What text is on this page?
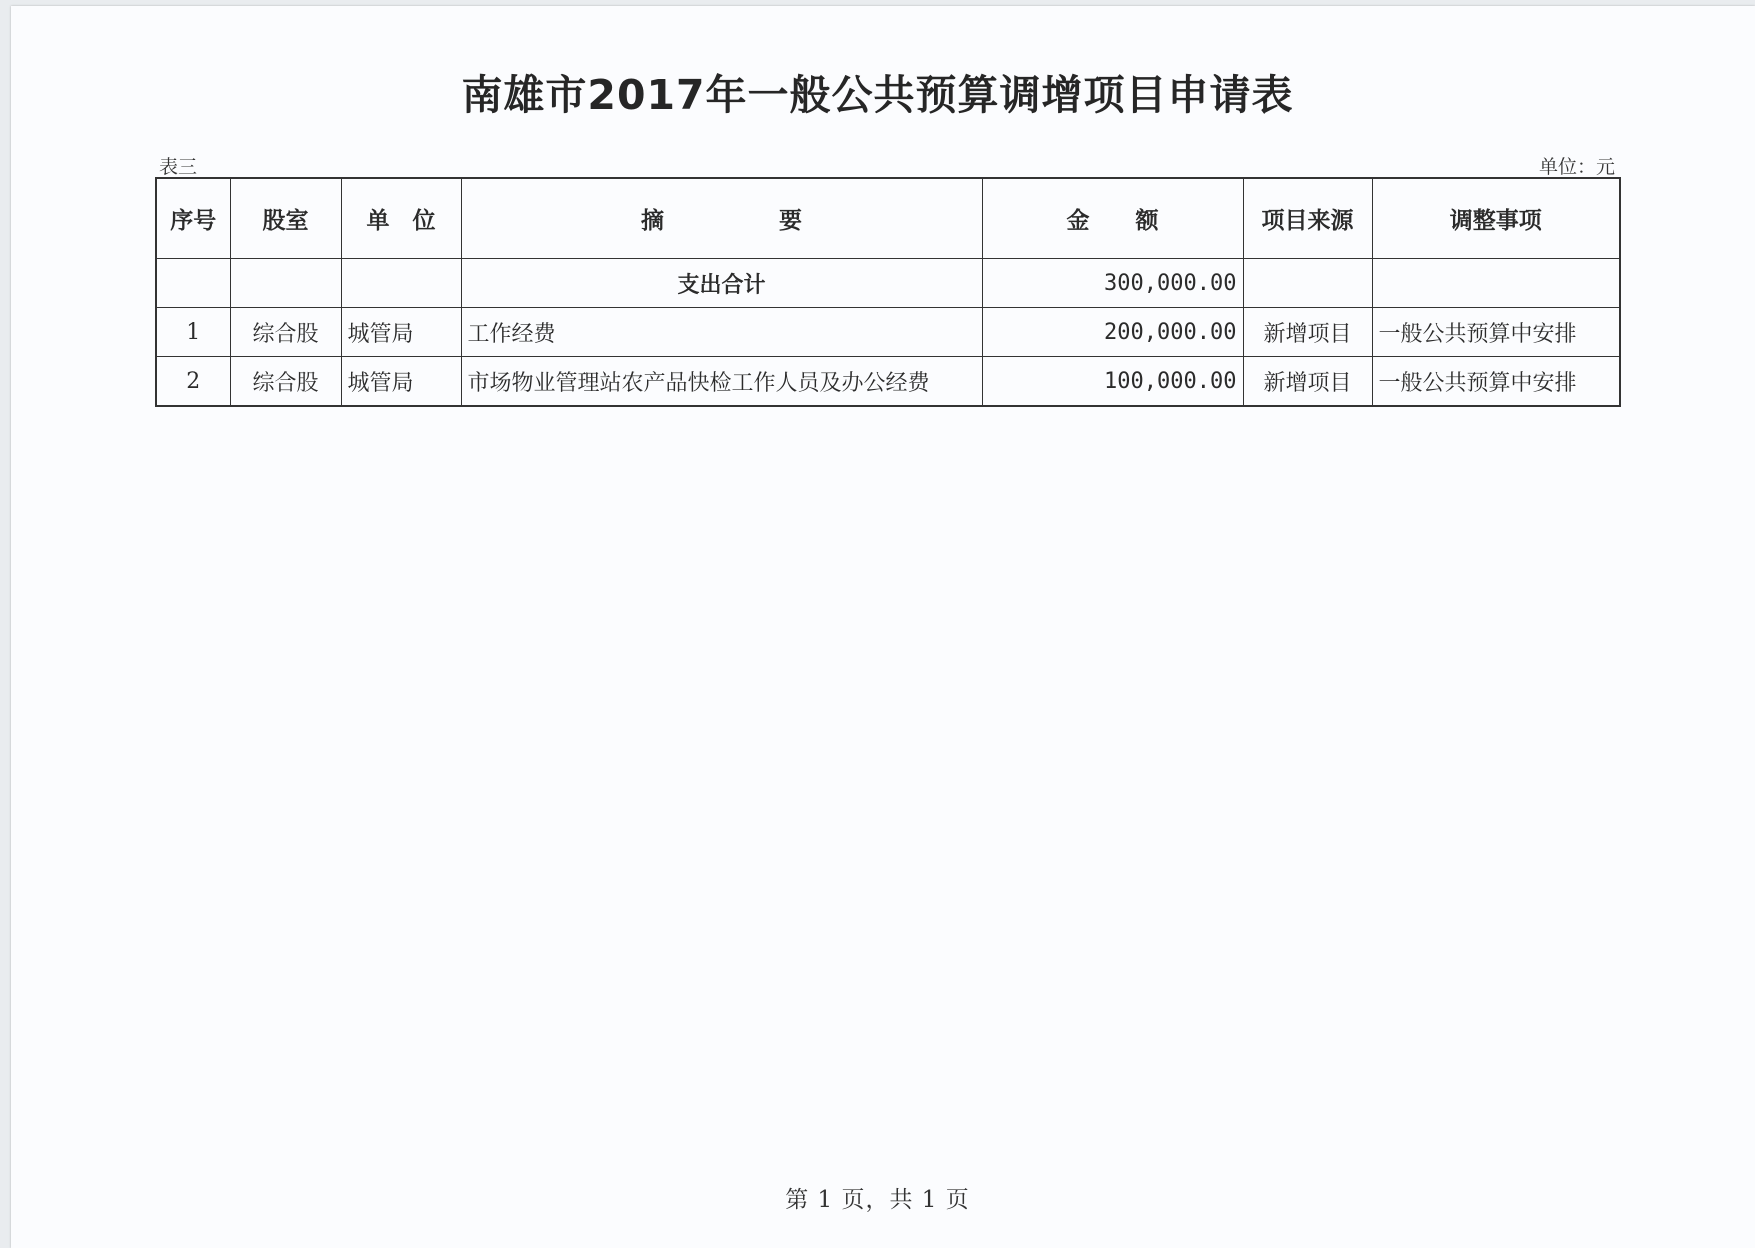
南雄市2017年一般公共预算调增项目申请表
表三	单位：元
序号	股室	单　位	摘　　　　　要	金　　额	项目来源	调整事项
			支出合计	300,000.00		
1	综合股	城管局	工作经费	200,000.00	新增项目	一般公共预算中安排
2	综合股	城管局	市场物业管理站农产品快检工作人员及办公经费	100,000.00	新增项目	一般公共预算中安排
第 1 页，共 1 页
